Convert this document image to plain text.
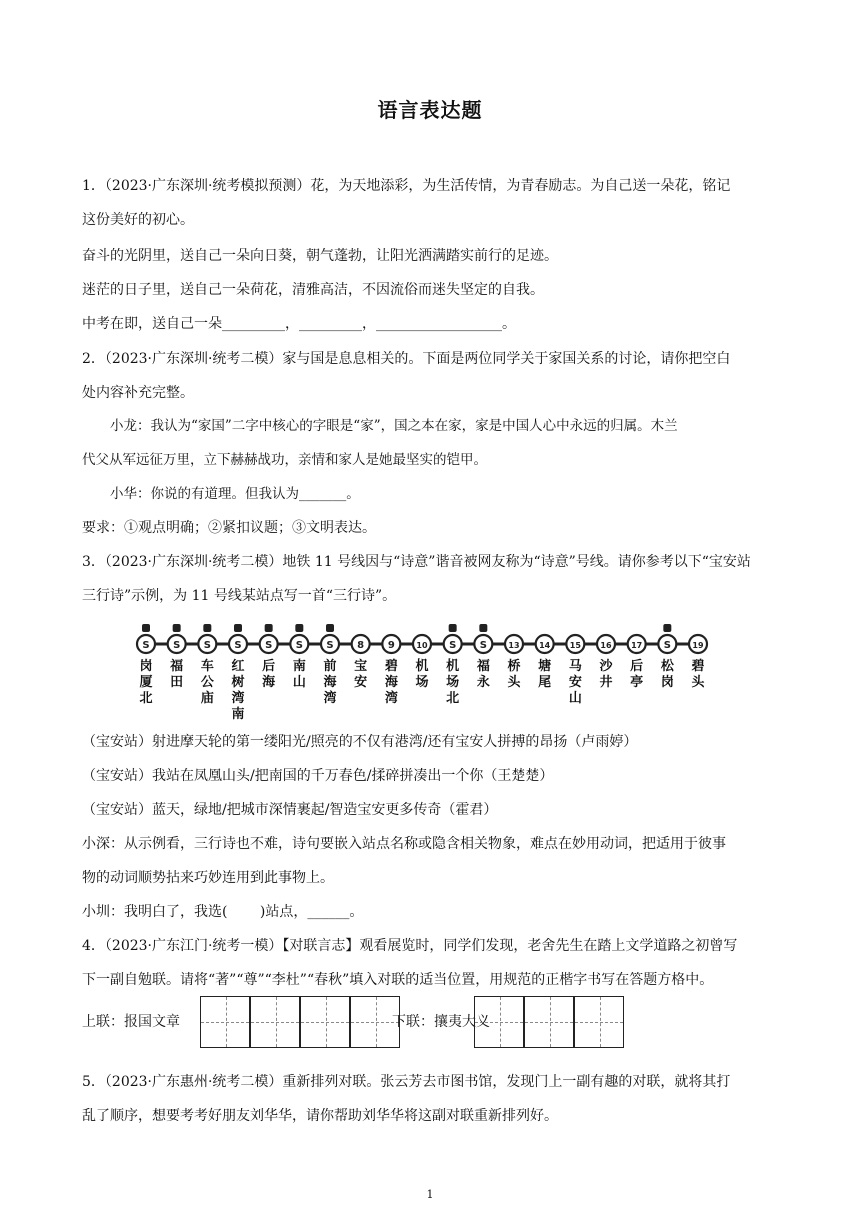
语言表达题
1．（2023·广东深圳·统考模拟预测）花，为天地添彩，为生活传情，为青春励志。为自己送一朵花，铭记
这份美好的初心。
奋斗的光阴里，送自己一朵向日葵，朝气蓬勃，让阳光洒满踏实前行的足迹。
迷茫的日子里，送自己一朵荷花，清雅高洁，不因流俗而迷失坚定的自我。
中考在即，送自己一朵_________，_________，__________________。
2．（2023·广东深圳·统考二模）家与国是息息相关的。下面是两位同学关于家国关系的讨论，请你把空白
处内容补充完整。
小龙：我认为“家国”二字中核心的字眼是“家”，国之本在家，家是中国人心中永远的归属。木兰
代父从军远征万里，立下赫赫战功，亲情和家人是她最坚实的铠甲。
小华：你说的有道理。但我认为_______。
要求：①观点明确；②紧扣议题；③文明表达。
3．（2023·广东深圳·统考二模）地铁 11 号线因与“诗意”谐音被网友称为“诗意”号线。请你参考以下“宝安站
三行诗”示例，为 11 号线某站点写一首“三行诗”。
S
岗
厦
北
S
福
田
S
车
公
庙
S
红
树
湾
南
S
后
海
S
南
山
S
前
海
湾
8
宝
安
9
碧
海
湾
10
机
场
S
机
场
北
S
福
永
13
桥
头
14
塘
尾
15
马
安
山
16
沙
井
17
后
亭
S
松
岗
19
碧
头
（宝安站）射进摩天轮的第一缕阳光/照亮的不仅有港湾/还有宝安人拼搏的昂扬（卢雨婷）
（宝安站）我站在凤凰山头/把南国的千万春色/揉碎拼凑出一个你（王楚楚）
（宝安站）蓝天，绿地/把城市深情裹起/智造宝安更多传奇（霍君）
小深：从示例看，三行诗也不难，诗句要嵌入站点名称或隐含相关物象，难点在妙用动词，把适用于彼事
物的动词顺势拈来巧妙连用到此事物上。
小圳：我明白了，我选(　　 )站点，______。
4．（2023·广东江门·统考一模）【对联言志】观看展览时，同学们发现，老舍先生在踏上文学道路之初曾写
下一副自勉联。请将“著”“尊”“李杜”“春秋”填入对联的适当位置，用规范的正楷字书写在答题方格中。
上联：报国文章	下联：攘夷大义
5．（2023·广东惠州·统考二模）重新排列对联。张云芳去市图书馆，发现门上一副有趣的对联，就将其打
乱了顺序，想要考考好朋友刘华华，请你帮助刘华华将这副对联重新排列好。
1
